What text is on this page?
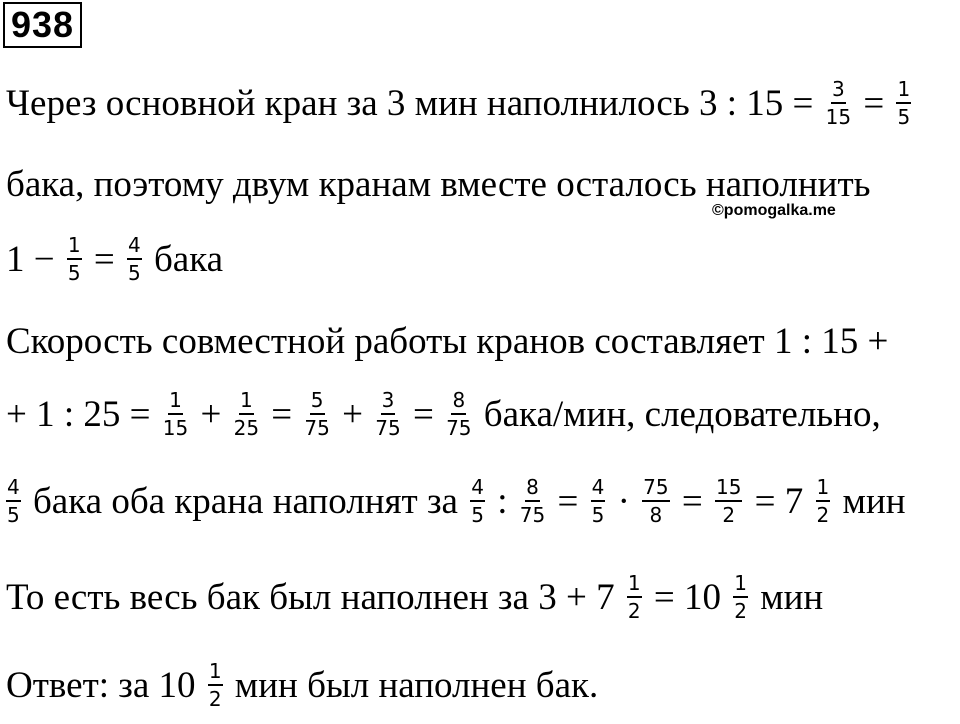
938
©pomogalka.me
Через основной кран за 3 мин наполнилось 3 : $15 = \frac{3}{15} = \frac{1}{5}$
бака, поэтому двум кранам вместе осталось наполнить
$1 - \frac{1}{5} = \frac{4}{5}$ бака
Скорость совместной работы кранов составляет 1 : 15 +
+ 1 : $25 = \frac{1}{15} + \frac{1}{25} = \frac{5}{75} + \frac{3}{75} = \frac{8}{75}$ бака/мин, следовательно,
$\frac{4}{5}$ бака оба крана наполнят за $\frac{4}{5}$ : $\frac{8}{75} = \frac{4}{5} \cdot \frac{75}{8} = \frac{15}{2} = 7 \frac{1}{2}$ мин
То есть весь бак был наполнен за $3 + 7 \frac{1}{2} = 10 \frac{1}{2}$ мин
Ответ: за $10 \frac{1}{2}$ мин был наполнен бак.
